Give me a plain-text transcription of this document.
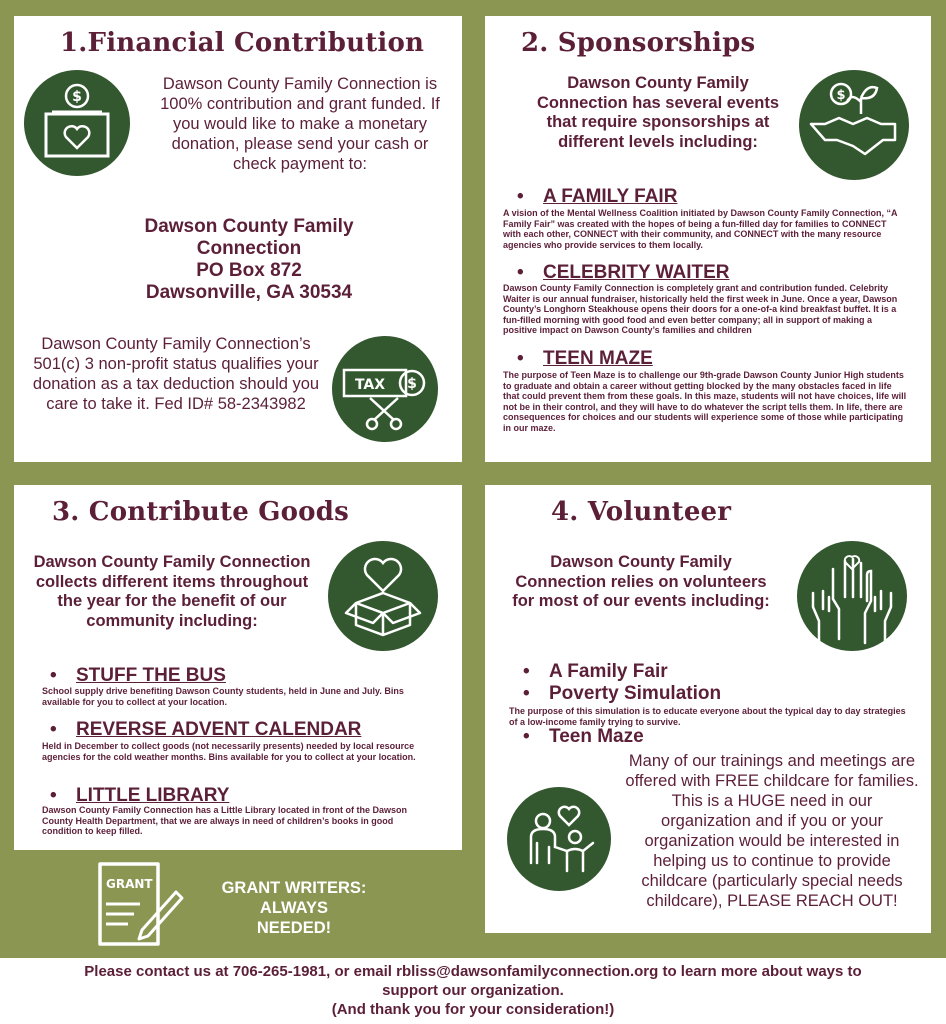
1.Financial Contribution
$
Dawson County Family Connection is 100% contribution and grant funded. If you would like to make a monetary donation, please send your cash or check payment to:
Dawson County Family
Connection
PO Box 872
Dawsonville, GA 30534
Dawson County Family Connection’s 501(c) 3 non-profit status qualifies your donation as a tax deduction should you care to take it. Fed ID# 58-2343982
TAX $
2. Sponsorships
Dawson County Family Connection has several events that require sponsorships at different levels including:
$
• A FAMILY FAIR
A vision of the Mental Wellness Coalition initiated by Dawson County Family Connection, “A Family Fair” was created with the hopes of being a fun-filled day for families to CONNECT with each other, CONNECT with their community, and CONNECT with the many resource agencies who provide services to them locally.
• CELEBRITY WAITER
Dawson County Family Connection is completely grant and contribution funded. Celebrity Waiter is our annual fundraiser, historically held the first week in June. Once a year, Dawson County’s Longhorn Steakhouse opens their doors for a one-of-a kind breakfast buffet. It is a fun-filled morning with good food and even better company; all in support of making a positive impact on Dawson County’s families and children
• TEEN MAZE
The purpose of Teen Maze is to challenge our 9th-grade Dawson County Junior High students to graduate and obtain a career without getting blocked by the many obstacles faced in life that could prevent them from these goals. In this maze, students will not have choices, life will not be in their control, and they will have to do whatever the script tells them. In life, there are consequences for choices and our students will experience some of those while participating in our maze.
3. Contribute Goods
Dawson County Family Connection collects different items throughout the year for the benefit of our community including:
• STUFF THE BUS
School supply drive benefiting Dawson County students, held in June and July. Bins available for you to collect at your location.
• REVERSE ADVENT CALENDAR
Held in December to collect goods (not necessarily presents) needed by local resource agencies for the cold weather months. Bins available for you to collect at your location.
• LITTLE LIBRARY
Dawson County Family Connection has a Little Library located in front of the Dawson County Health Department, that we are always in need of children’s books in good condition to keep filled.
4. Volunteer
Dawson County Family Connection relies on volunteers for most of our events including:
• A Family Fair
• Poverty Simulation
The purpose of this simulation is to educate everyone about the typical day to day strategies of a low-income family trying to survive.
• Teen Maze
Many of our trainings and meetings are offered with FREE childcare for families. This is a HUGE need in our organization and if you or your organization would be interested in helping us to continue to provide childcare (particularly special needs childcare), PLEASE REACH OUT!
GRANT	GRANT WRITERS:
ALWAYS
NEEDED!
Please contact us at 706-265-1981, or email rbliss@dawsonfamilyconnection.org to learn more about ways to
support our organization.
(And thank you for your consideration!)
